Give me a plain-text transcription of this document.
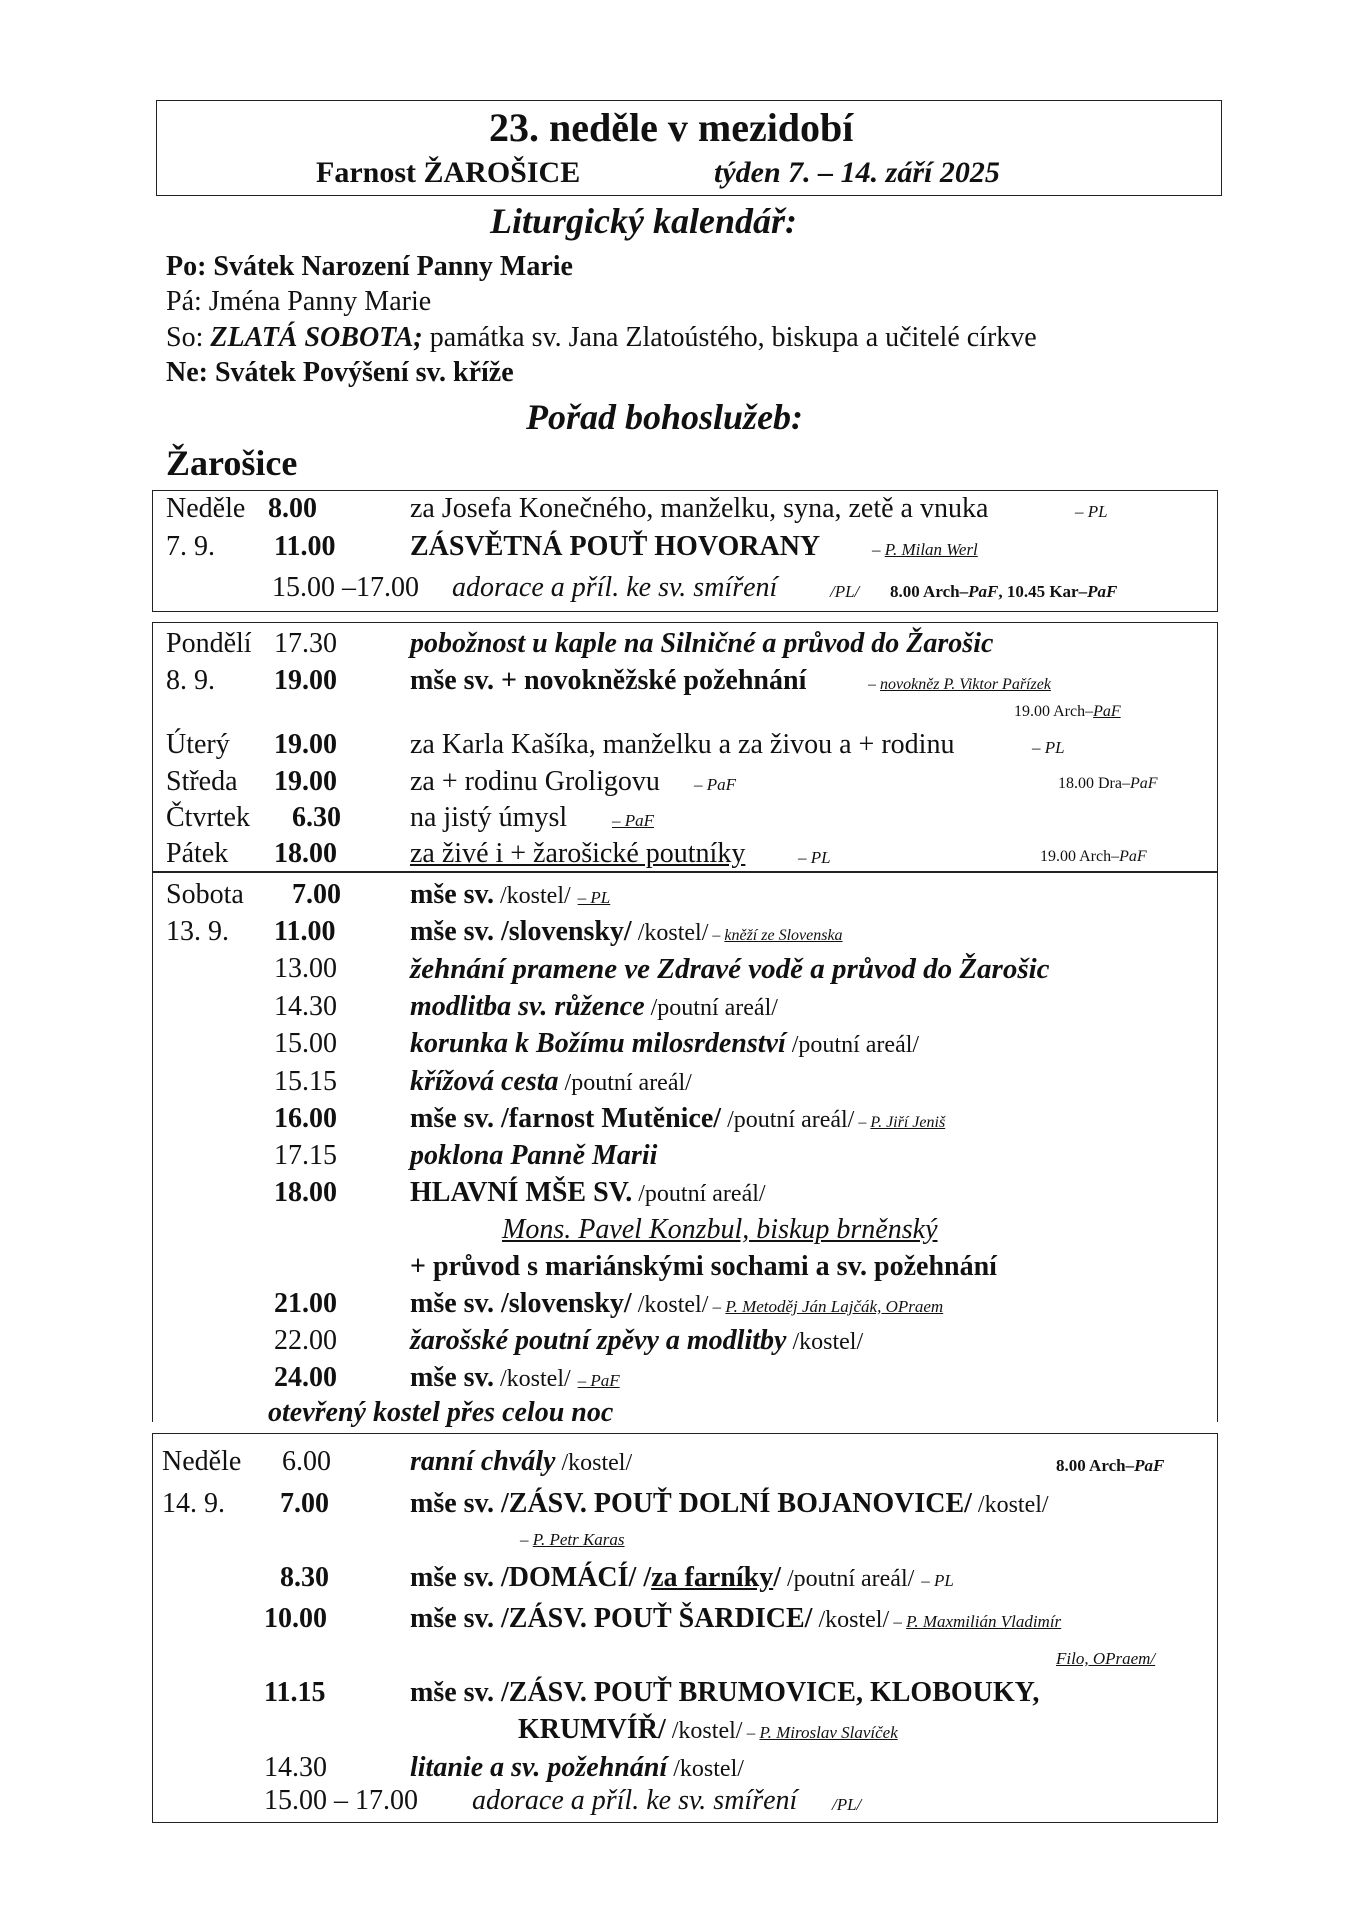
23. neděle v mezidobí
Farnost ŽAROŠICE	týden 7. – 14. září 2025
Liturgický kalendář:
Po: Svátek Narození Panny Marie
Pá: Jména Panny Marie
So: ZLATÁ SOBOTA; památka sv. Jana Zlatoústého, biskupa a učitelé církve
Ne: Svátek Povýšení sv. kříže
Pořad bohoslužeb:
Žarošice
Neděle 8.00	za Josefa Konečného, manželku, syna, zetě a vnuka	– PL
7. 9. 11.00	ZÁSVĚTNÁ POUŤ HOVORANY	– P. Milan Werl
15.00 –17.00 adorace a příl. ke sv. smíření	/PL/ 8.00 Arch–PaF, 10.45 Kar–PaF
Pondělí 17.30	pobožnost u kaple na Silničné a průvod do Žarošic
8. 9. 19.00	mše sv. + novokněžské požehnání	– novokněz P. Viktor Pařízek
19.00 Arch–PaF
Úterý 19.00	za Karla Kašíka, manželku a za živou a + rodinu	– PL
Středa 19.00	za + rodinu Groligovu – PaF	18.00 Dra–PaF
Čtvrtek 6.30 na jistý úmysl	– PaF
Pátek 18.00	za živé i + žarošické poutníky	– PL	19.00 Arch–PaF
Sobota 7.00 mše sv. /kostel/ – PL
13. 9. 11.00	mše sv. /slovensky/ /kostel/ – kněží ze Slovenska
13.00	žehnání pramene ve Zdravé vodě a průvod do Žarošic
14.30	modlitba sv. růžence /poutní areál/
15.00	korunka k Božímu milosrdenství /poutní areál/
15.15	křížová cesta /poutní areál/
16.00	mše sv. /farnost Mutěnice/ /poutní areál/ – P. Jiří Jeniš
17.15	poklona Panně Marii
18.00	HLAVNÍ MŠE SV. /poutní areál/
Mons. Pavel Konzbul, biskup brněnský
+ průvod s mariánskými sochami a sv. požehnání
21.00	mše sv. /slovensky/ /kostel/ – P. Metoděj Ján Lajčák, OPraem
22.00	žarošské poutní zpěvy a modlitby /kostel/
24.00	mše sv. /kostel/ – PaF
otevřený kostel přes celou noc
Neděle 6.00	ranní chvály /kostel/	8.00 Arch–PaF
14. 9. 7.00	mše sv. /ZÁSV. POUŤ DOLNÍ BOJANOVICE/ /kostel/
– P. Petr Karas
8.30	mše sv. /DOMÁCÍ/ /za farníky/ /poutní areál/ – PL
10.00	mše sv. /ZÁSV. POUŤ ŠARDICE/ /kostel/ – P. Maxmilián Vladimír
Filo, OPraem/
11.15	mše sv. /ZÁSV. POUŤ BRUMOVICE, KLOBOUKY,
KRUMVÍŘ/ /kostel/ – P. Miroslav Slavíček
14.30	litanie a sv. požehnání /kostel/
15.00 – 17.00 adorace a příl. ke sv. smíření /PL/
